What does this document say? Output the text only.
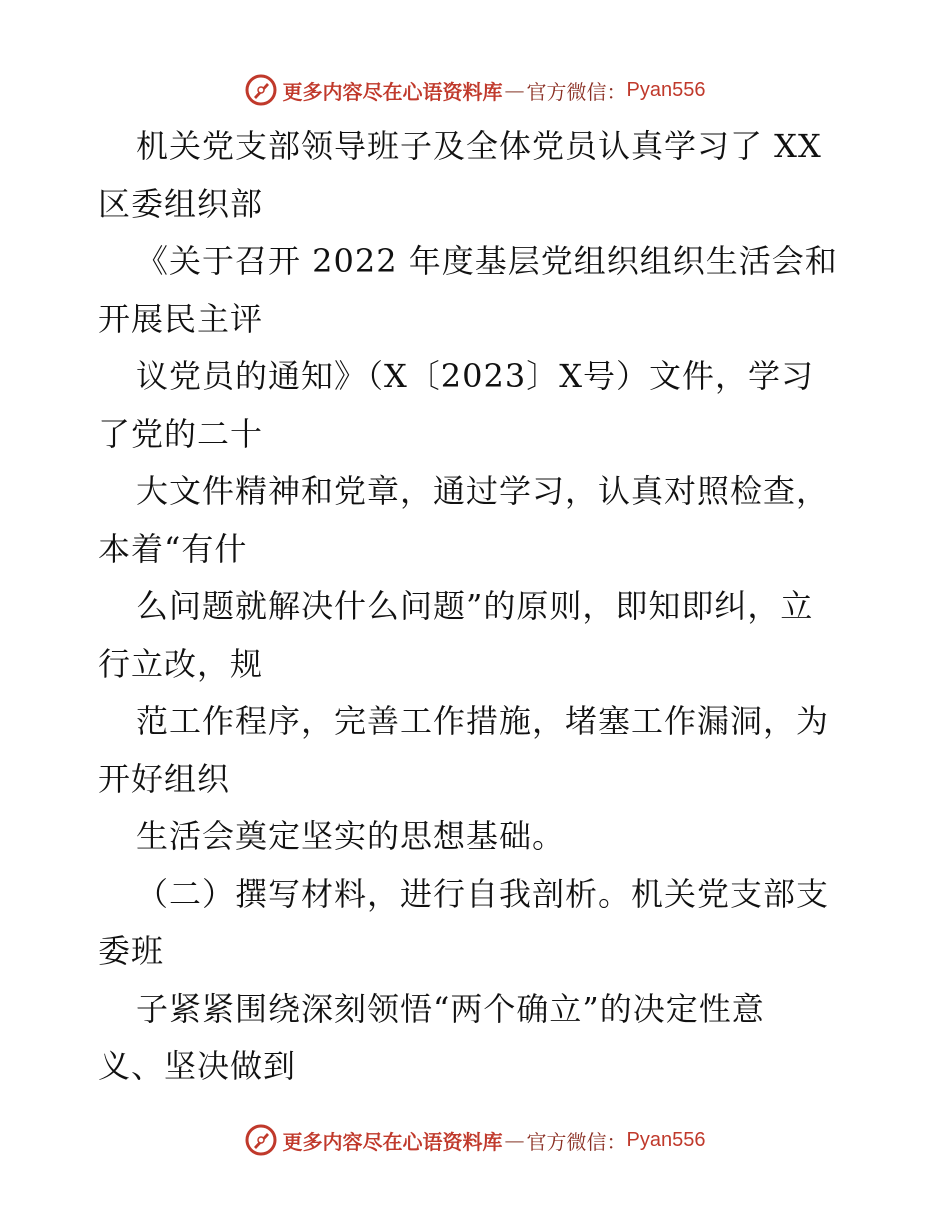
更多内容尽在心语资料库 — 官方微信： Pyan556
机关党支部领导班子及全体党员认真学习了 XX
区委组织部
《关于召开 2022 年度基层党组织组织生活会和
开展民主评
议党员的通知》（X〔2023〕X号）文件，学习
了党的二十
大文件精神和党章，通过学习，认真对照检查，
本着“有什
么问题就解决什么问题”的原则，即知即纠，立
行立改，规
范工作程序，完善工作措施，堵塞工作漏洞，为
开好组织
生活会奠定坚实的思想基础。
（二）撰写材料，进行自我剖析。机关党支部支
委班
子紧紧围绕深刻领悟“两个确立”的决定性意
义、坚决做到
更多内容尽在心语资料库 — 官方微信： Pyan556
